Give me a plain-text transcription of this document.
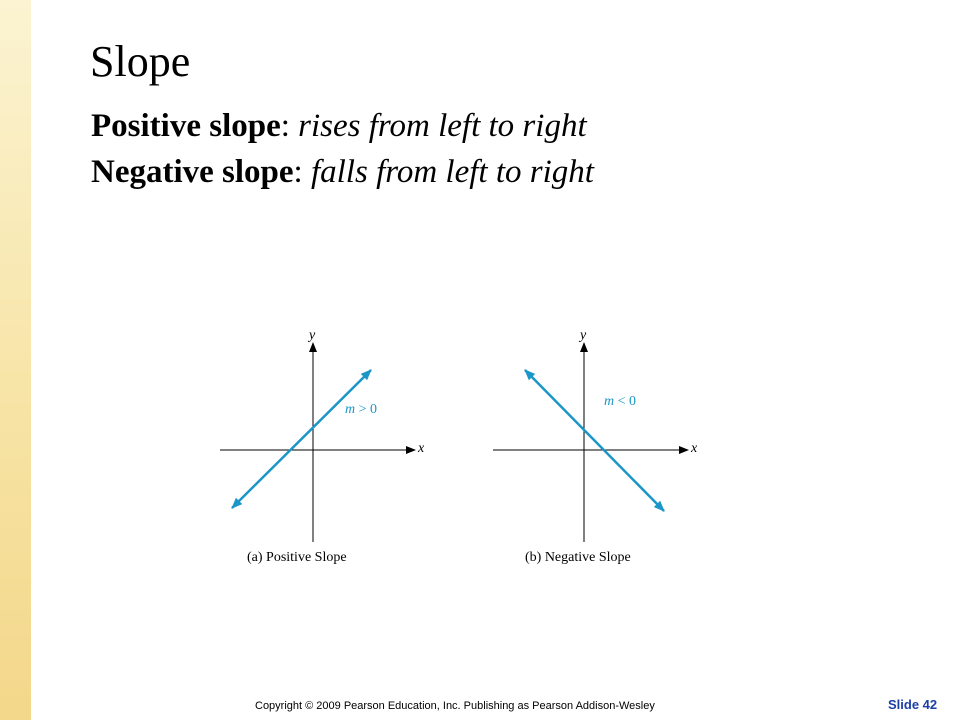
Slope
Positive slope: rises from left to right
Negative slope: falls from left to right
y
x
m > 0
(a) Positive Slope
y
x
m < 0
(b) Negative Slope
Copyright © 2009 Pearson Education, Inc. Publishing as Pearson Addison-Wesley	Slide 42
